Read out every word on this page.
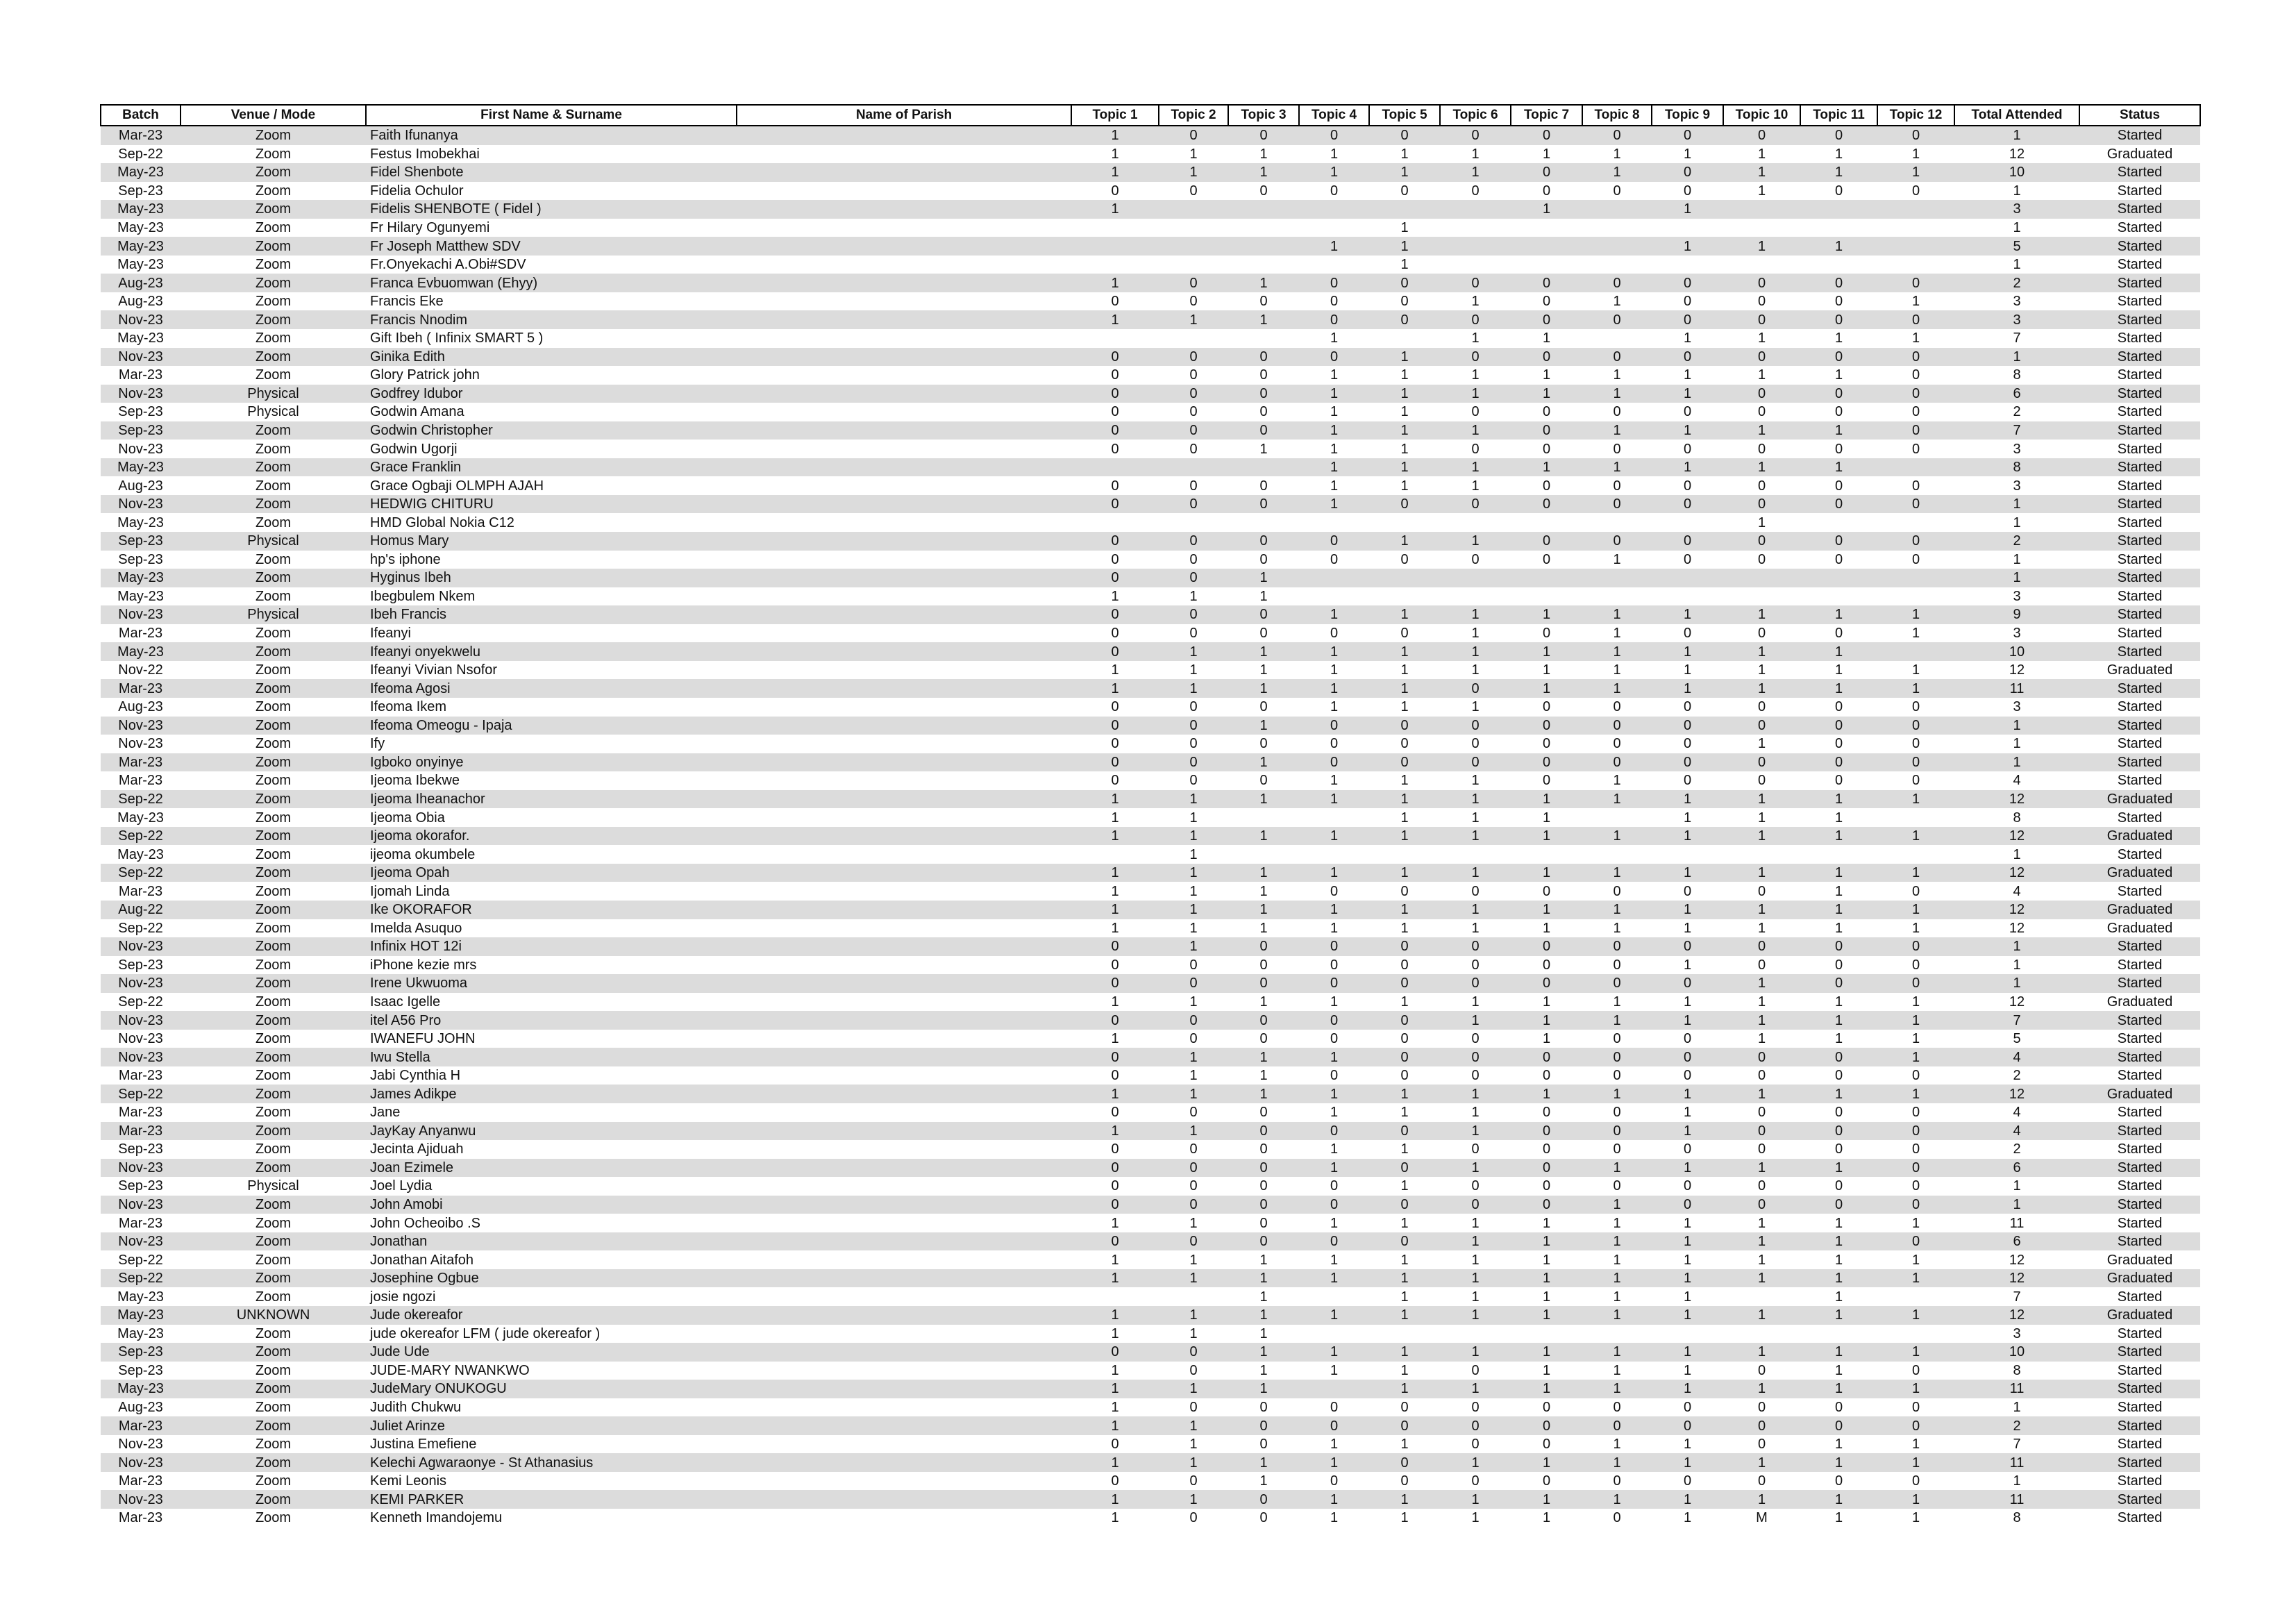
Batch	Venue / Mode	First Name & Surname	Name of Parish	Topic 1	Topic 2	Topic 3	Topic 4	Topic 5	Topic 6	Topic 7	Topic 8	Topic 9	Topic 10	Topic 11	Topic 12	Total Attended	Status
Mar-23	Zoom	Faith Ifunanya		1	0	0	0	0	0	0	0	0	0	0	0	1	Started
Sep-22	Zoom	Festus Imobekhai		1	1	1	1	1	1	1	1	1	1	1	1	12	Graduated
May-23	Zoom	Fidel Shenbote		1	1	1	1	1	1	0	1	0	1	1	1	10	Started
Sep-23	Zoom	Fidelia Ochulor		0	0	0	0	0	0	0	0	0	1	0	0	1	Started
May-23	Zoom	Fidelis SHENBOTE ( Fidel )		1						1		1				3	Started
May-23	Zoom	Fr Hilary Ogunyemi						1								1	Started
May-23	Zoom	Fr Joseph Matthew SDV					1	1				1	1	1		5	Started
May-23	Zoom	Fr.Onyekachi A.Obi#SDV						1								1	Started
Aug-23	Zoom	Franca Evbuomwan (Ehyy)		1	0	1	0	0	0	0	0	0	0	0	0	2	Started
Aug-23	Zoom	Francis Eke		0	0	0	0	0	1	0	1	0	0	0	1	3	Started
Nov-23	Zoom	Francis Nnodim		1	1	1	0	0	0	0	0	0	0	0	0	3	Started
May-23	Zoom	Gift Ibeh ( Infinix SMART 5 )					1		1	1		1	1	1	1	7	Started
Nov-23	Zoom	Ginika Edith		0	0	0	0	1	0	0	0	0	0	0	0	1	Started
Mar-23	Zoom	Glory Patrick john		0	0	0	1	1	1	1	1	1	1	1	0	8	Started
Nov-23	Physical	Godfrey Idubor		0	0	0	1	1	1	1	1	1	0	0	0	6	Started
Sep-23	Physical	Godwin Amana		0	0	0	1	1	0	0	0	0	0	0	0	2	Started
Sep-23	Zoom	Godwin Christopher		0	0	0	1	1	1	0	1	1	1	1	0	7	Started
Nov-23	Zoom	Godwin Ugorji		0	0	1	1	1	0	0	0	0	0	0	0	3	Started
May-23	Zoom	Grace Franklin					1	1	1	1	1	1	1	1		8	Started
Aug-23	Zoom	Grace Ogbaji OLMPH AJAH		0	0	0	1	1	1	0	0	0	0	0	0	3	Started
Nov-23	Zoom	HEDWIG CHITURU		0	0	0	1	0	0	0	0	0	0	0	0	1	Started
May-23	Zoom	HMD Global Nokia C12											1			1	Started
Sep-23	Physical	Homus Mary		0	0	0	0	1	1	0	0	0	0	0	0	2	Started
Sep-23	Zoom	hp's iphone		0	0	0	0	0	0	0	1	0	0	0	0	1	Started
May-23	Zoom	Hyginus Ibeh		0	0	1										1	Started
May-23	Zoom	Ibegbulem Nkem		1	1	1										3	Started
Nov-23	Physical	Ibeh Francis		0	0	0	1	1	1	1	1	1	1	1	1	9	Started
Mar-23	Zoom	Ifeanyi		0	0	0	0	0	1	0	1	0	0	0	1	3	Started
May-23	Zoom	Ifeanyi onyekwelu		0	1	1	1	1	1	1	1	1	1	1		10	Started
Nov-22	Zoom	Ifeanyi Vivian Nsofor		1	1	1	1	1	1	1	1	1	1	1	1	12	Graduated
Mar-23	Zoom	Ifeoma Agosi		1	1	1	1	1	0	1	1	1	1	1	1	11	Started
Aug-23	Zoom	Ifeoma Ikem		0	0	0	1	1	1	0	0	0	0	0	0	3	Started
Nov-23	Zoom	Ifeoma Omeogu - Ipaja		0	0	1	0	0	0	0	0	0	0	0	0	1	Started
Nov-23	Zoom	Ify		0	0	0	0	0	0	0	0	0	1	0	0	1	Started
Mar-23	Zoom	Igboko onyinye		0	0	1	0	0	0	0	0	0	0	0	0	1	Started
Mar-23	Zoom	Ijeoma Ibekwe		0	0	0	1	1	1	0	1	0	0	0	0	4	Started
Sep-22	Zoom	Ijeoma Iheanachor		1	1	1	1	1	1	1	1	1	1	1	1	12	Graduated
May-23	Zoom	Ijeoma Obia		1	1			1	1	1		1	1	1		8	Started
Sep-22	Zoom	Ijeoma okorafor.		1	1	1	1	1	1	1	1	1	1	1	1	12	Graduated
May-23	Zoom	ijeoma okumbele			1											1	Started
Sep-22	Zoom	Ijeoma Opah		1	1	1	1	1	1	1	1	1	1	1	1	12	Graduated
Mar-23	Zoom	Ijomah Linda		1	1	1	0	0	0	0	0	0	0	1	0	4	Started
Aug-22	Zoom	Ike OKORAFOR		1	1	1	1	1	1	1	1	1	1	1	1	12	Graduated
Sep-22	Zoom	Imelda Asuquo		1	1	1	1	1	1	1	1	1	1	1	1	12	Graduated
Nov-23	Zoom	Infinix HOT 12i		0	1	0	0	0	0	0	0	0	0	0	0	1	Started
Sep-23	Zoom	iPhone kezie mrs		0	0	0	0	0	0	0	0	1	0	0	0	1	Started
Nov-23	Zoom	Irene Ukwuoma		0	0	0	0	0	0	0	0	0	1	0	0	1	Started
Sep-22	Zoom	Isaac Igelle		1	1	1	1	1	1	1	1	1	1	1	1	12	Graduated
Nov-23	Zoom	itel A56 Pro		0	0	0	0	0	1	1	1	1	1	1	1	7	Started
Nov-23	Zoom	IWANEFU JOHN		1	0	0	0	0	0	1	0	0	1	1	1	5	Started
Nov-23	Zoom	Iwu Stella		0	1	1	1	0	0	0	0	0	0	0	1	4	Started
Mar-23	Zoom	Jabi Cynthia H		0	1	1	0	0	0	0	0	0	0	0	0	2	Started
Sep-22	Zoom	James Adikpe		1	1	1	1	1	1	1	1	1	1	1	1	12	Graduated
Mar-23	Zoom	Jane		0	0	0	1	1	1	0	0	1	0	0	0	4	Started
Mar-23	Zoom	JayKay Anyanwu		1	1	0	0	0	1	0	0	1	0	0	0	4	Started
Sep-23	Zoom	Jecinta Ajiduah		0	0	0	1	1	0	0	0	0	0	0	0	2	Started
Nov-23	Zoom	Joan Ezimele		0	0	0	1	0	1	0	1	1	1	1	0	6	Started
Sep-23	Physical	Joel Lydia		0	0	0	0	1	0	0	0	0	0	0	0	1	Started
Nov-23	Zoom	John Amobi		0	0	0	0	0	0	0	1	0	0	0	0	1	Started
Mar-23	Zoom	John Ocheoibo .S		1	1	0	1	1	1	1	1	1	1	1	1	11	Started
Nov-23	Zoom	Jonathan		0	0	0	0	0	1	1	1	1	1	1	0	6	Started
Sep-22	Zoom	Jonathan Aitafoh		1	1	1	1	1	1	1	1	1	1	1	1	12	Graduated
Sep-22	Zoom	Josephine Ogbue		1	1	1	1	1	1	1	1	1	1	1	1	12	Graduated
May-23	Zoom	josie ngozi				1		1	1	1	1	1		1		7	Started
May-23	UNKNOWN	Jude okereafor		1	1	1	1	1	1	1	1	1	1	1	1	12	Graduated
May-23	Zoom	jude okereafor LFM ( jude okereafor )		1	1	1										3	Started
Sep-23	Zoom	Jude Ude		0	0	1	1	1	1	1	1	1	1	1	1	10	Started
Sep-23	Zoom	JUDE-MARY NWANKWO		1	0	1	1	1	0	1	1	1	0	1	0	8	Started
May-23	Zoom	JudeMary ONUKOGU		1	1	1		1	1	1	1	1	1	1	1	11	Started
Aug-23	Zoom	Judith Chukwu		1	0	0	0	0	0	0	0	0	0	0	0	1	Started
Mar-23	Zoom	Juliet Arinze		1	1	0	0	0	0	0	0	0	0	0	0	2	Started
Nov-23	Zoom	Justina Emefiene		0	1	0	1	1	0	0	1	1	0	1	1	7	Started
Nov-23	Zoom	Kelechi Agwaraonye - St Athanasius		1	1	1	1	0	1	1	1	1	1	1	1	11	Started
Mar-23	Zoom	Kemi Leonis		0	0	1	0	0	0	0	0	0	0	0	0	1	Started
Nov-23	Zoom	KEMI PARKER		1	1	0	1	1	1	1	1	1	1	1	1	11	Started
Mar-23	Zoom	Kenneth Imandojemu		1	0	0	1	1	1	1	0	1	M	1	1	8	Started
